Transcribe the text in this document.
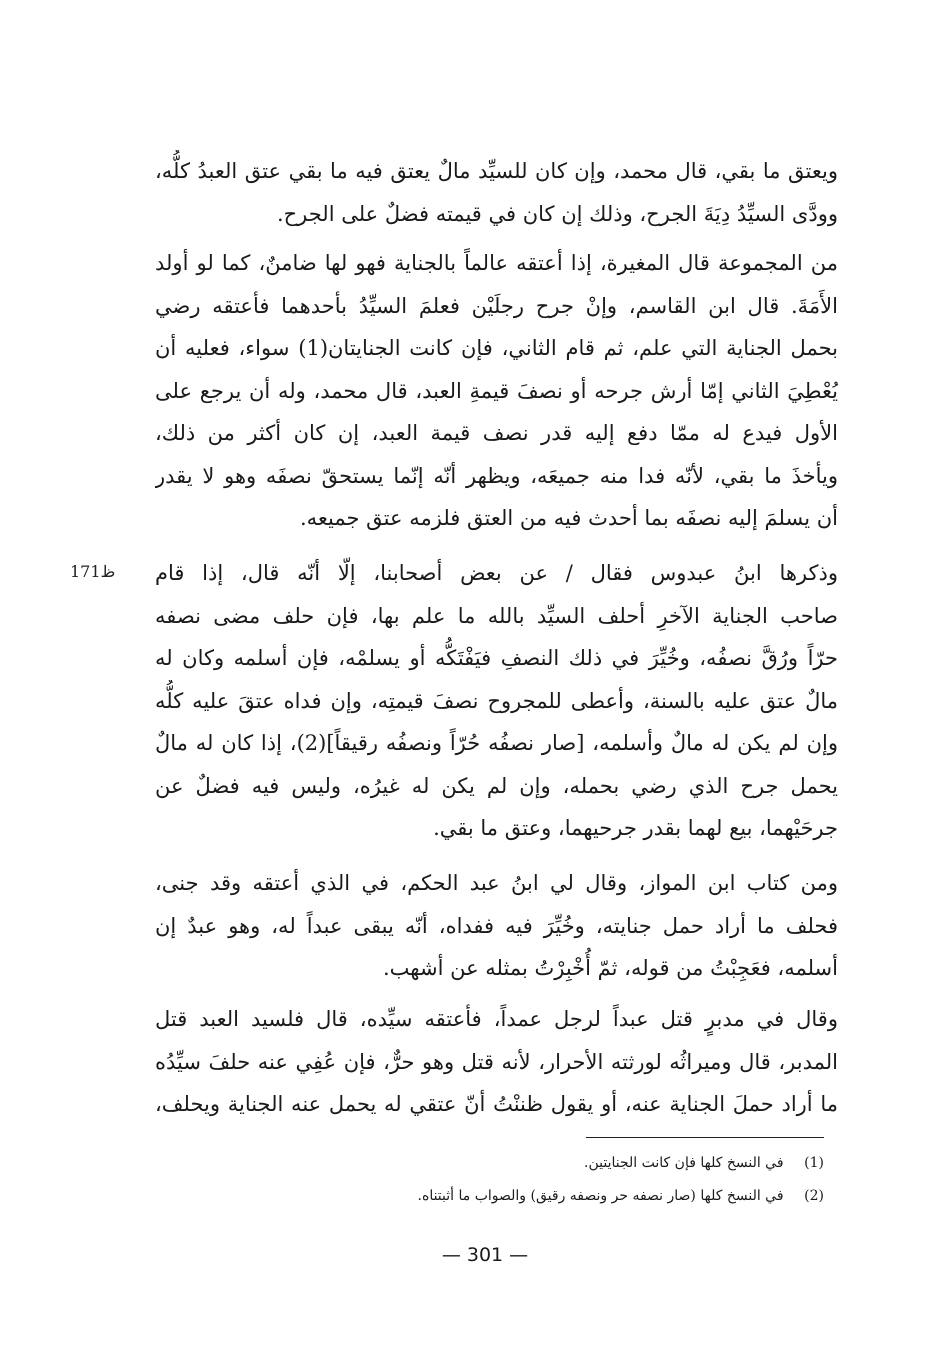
ويعتق ما بقي، قال محمد، وإن كان للسيِّد مالٌ يعتق فيه ما بقي عتق العبدُ كلُّه،
وودَّى السيِّدُ دِيَةَ الجرح، وذلك إن كان في قيمته فضلٌ على الجرح.
من المجموعة قال المغيرة، إذا أعتقه عالماً بالجناية فهو لها ضامنٌ، كما لو أولد
الأَمَةَ. قال ابن القاسم، وإنْ جرح رجلَيْن فعلمَ السيِّدُ بأحدهما فأعتقه رضي
بحمل الجناية التي علم، ثم قام الثاني، فإن كانت الجنايتان(1) سواء، فعليه أن
يُعْطِيَ الثاني إمّا أرش جرحه أو نصفَ قيمةِ العبد، قال محمد، وله أن يرجع على
الأول فيدع له ممّا دفع إليه قدر نصف قيمة العبد، إن كان أكثر من ذلك،
ويأخذَ ما بقي، لأنّه فدا منه جميعَه، ويظهر أنّه إنّما يستحقّ نصفَه وهو لا يقدر
أن يسلمَ إليه نصفَه بما أحدث فيه من العتق فلزمه عتق جميعه.
ظ171 وذكرها ابنُ عبدوس فقال / عن بعض أصحابنا، إلّا أنّه قال، إذا قام
صاحب الجناية الآخرِ أحلف السيِّد بالله ما علم بها، فإن حلف مضى نصفه
حرّاً ورُقَّ نصفُه، وخُيِّرَ في ذلك النصفِ فيَفْتَكُّه أو يسلمْه، فإن أسلمه وكان له
مالٌ عتق عليه بالسنة، وأعطى للمجروح نصفَ قيمتِه، وإن فداه عتقَ عليه كلُّه
وإن لم يكن له مالٌ وأسلمه، [صار نصفُه حُرّاً ونصفُه رقيقاً](2)، إذا كان له مالٌ
يحمل جرح الذي رضي بحمله، وإن لم يكن له غيرُه، وليس فيه فضلٌ عن
جرحَيْهما، بيع لهما بقدر جرحيهما، وعتق ما بقي.
ومن كتاب ابن المواز، وقال لي ابنُ عبد الحكم، في الذي أعتقه وقد جنى،
فحلف ما أراد حمل جنايته، وخُيِّرَ فيه ففداه، أنّه يبقى عبداً له، وهو عبدٌ إن
أسلمه، فعَجِبْتُ من قوله، ثمّ أُخْبِرْتُ بمثله عن أشهب.
وقال في مدبرٍ قتل عبداً لرجل عمداً، فأعتقه سيِّده، قال فلسيد العبد قتل
المدبر، قال وميراثُه لورثته الأحرار، لأنه قتل وهو حرٌّ، فإن عُفِي عنه حلفَ سيِّدُه
ما أراد حملَ الجناية عنه، أو يقول ظننْتُ أنّ عتقي له يحمل عنه الجناية ويحلف،
(1) في النسخ كلها فإن كانت الجنايتين.
(2) في النسخ كلها (صار نصفه حر ونصفه رقيق) والصواب ما أثبتناه.
— 301 —
